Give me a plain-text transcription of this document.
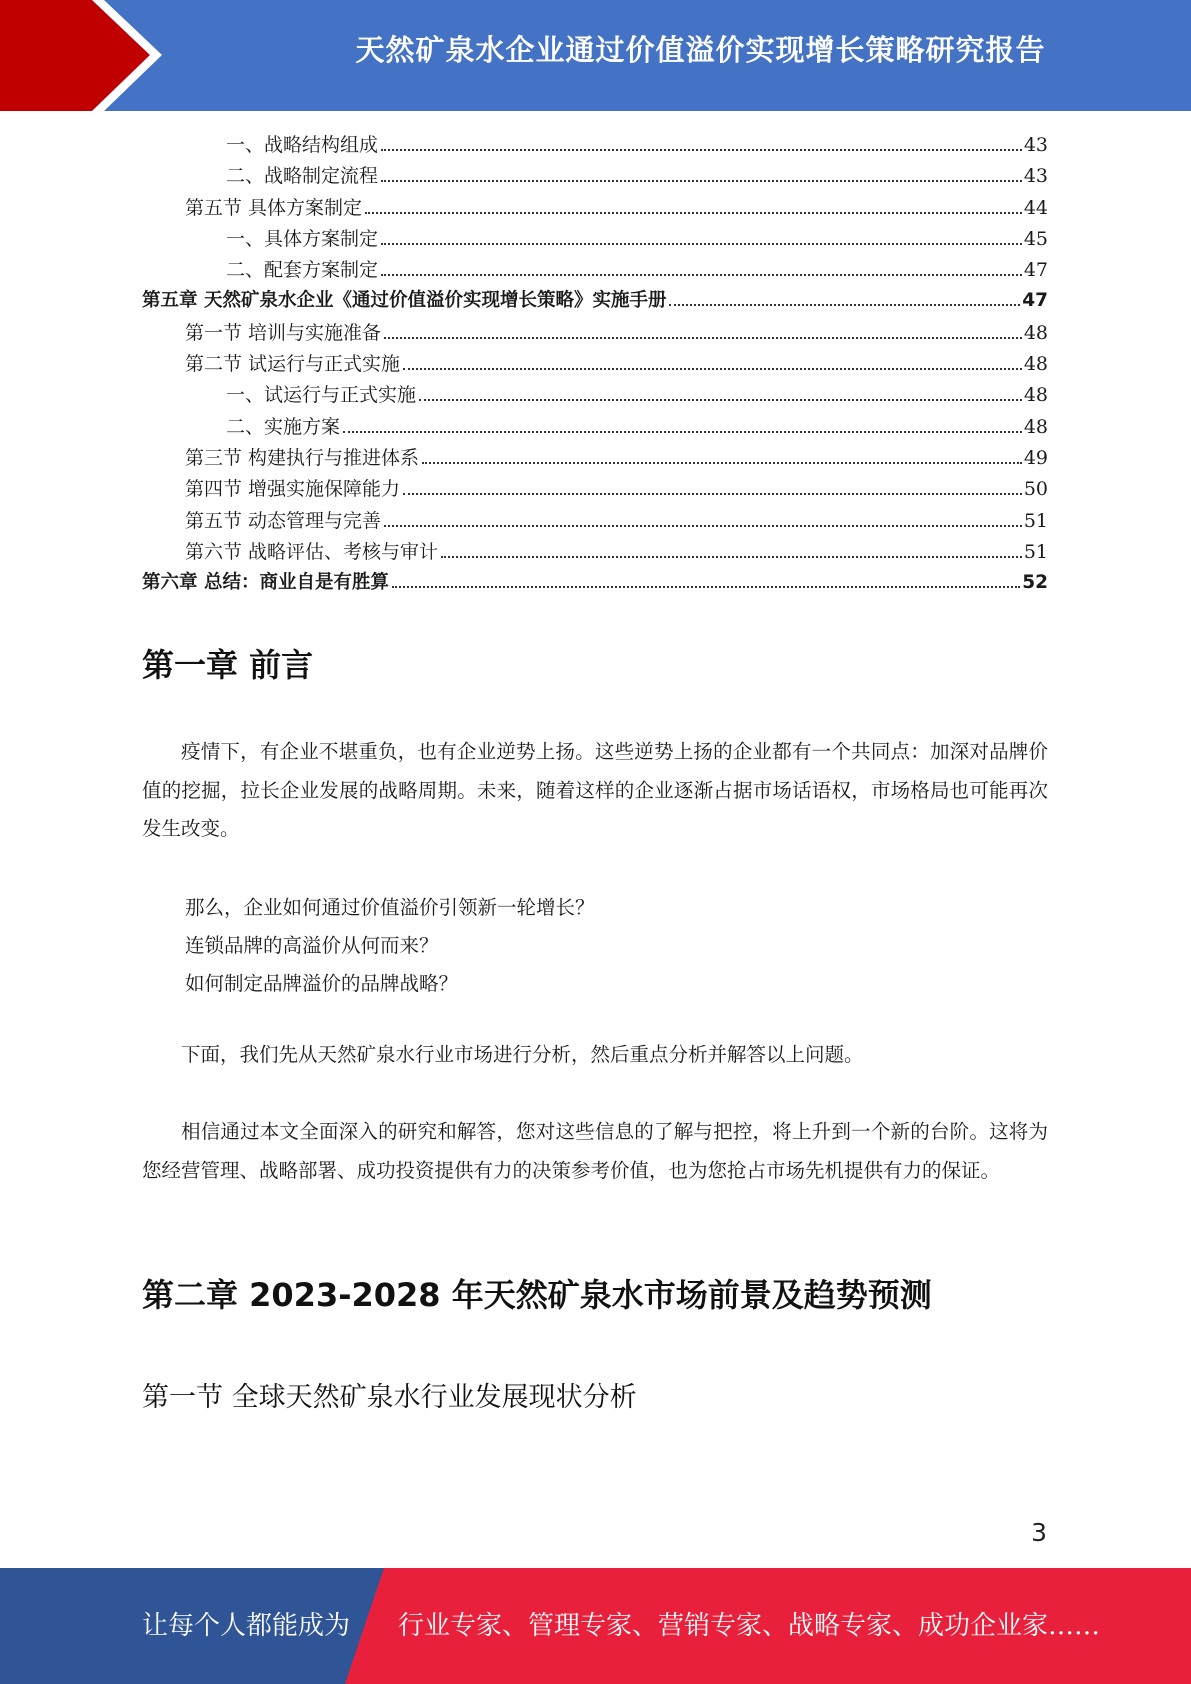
天然矿泉水企业通过价值溢价实现增长策略研究报告
一、战略结构组成	43
二、战略制定流程	43
第五节 具体方案制定	44
一、具体方案制定	45
二、配套方案制定	47
第五章 天然矿泉水企业《通过价值溢价实现增长策略》实施手册	47
第一节 培训与实施准备	48
第二节 试运行与正式实施	48
一、试运行与正式实施	48
二、实施方案	48
第三节 构建执行与推进体系	49
第四节 增强实施保障能力	50
第五节 动态管理与完善	51
第六节 战略评估、考核与审计	51
第六章 总结：商业自是有胜算	52
第一章 前言
疫情下，有企业不堪重负，也有企业逆势上扬。这些逆势上扬的企业都有一个共同点：加深对品牌价值的挖掘，拉长企业发展的战略周期。未来，随着这样的企业逐渐占据市场话语权，市场格局也可能再次发生改变。
那么，企业如何通过价值溢价引领新一轮增长？
连锁品牌的高溢价从何而来？
如何制定品牌溢价的品牌战略？
下面，我们先从天然矿泉水行业市场进行分析，然后重点分析并解答以上问题。
相信通过本文全面深入的研究和解答，您对这些信息的了解与把控，将上升到一个新的台阶。这将为您经营管理、战略部署、成功投资提供有力的决策参考价值，也为您抢占市场先机提供有力的保证。
第二章 2023-2028 年天然矿泉水市场前景及趋势预测
第一节 全球天然矿泉水行业发展现状分析
3
让每个人都能成为 行业专家、管理专家、营销专家、战略专家、成功企业家……
